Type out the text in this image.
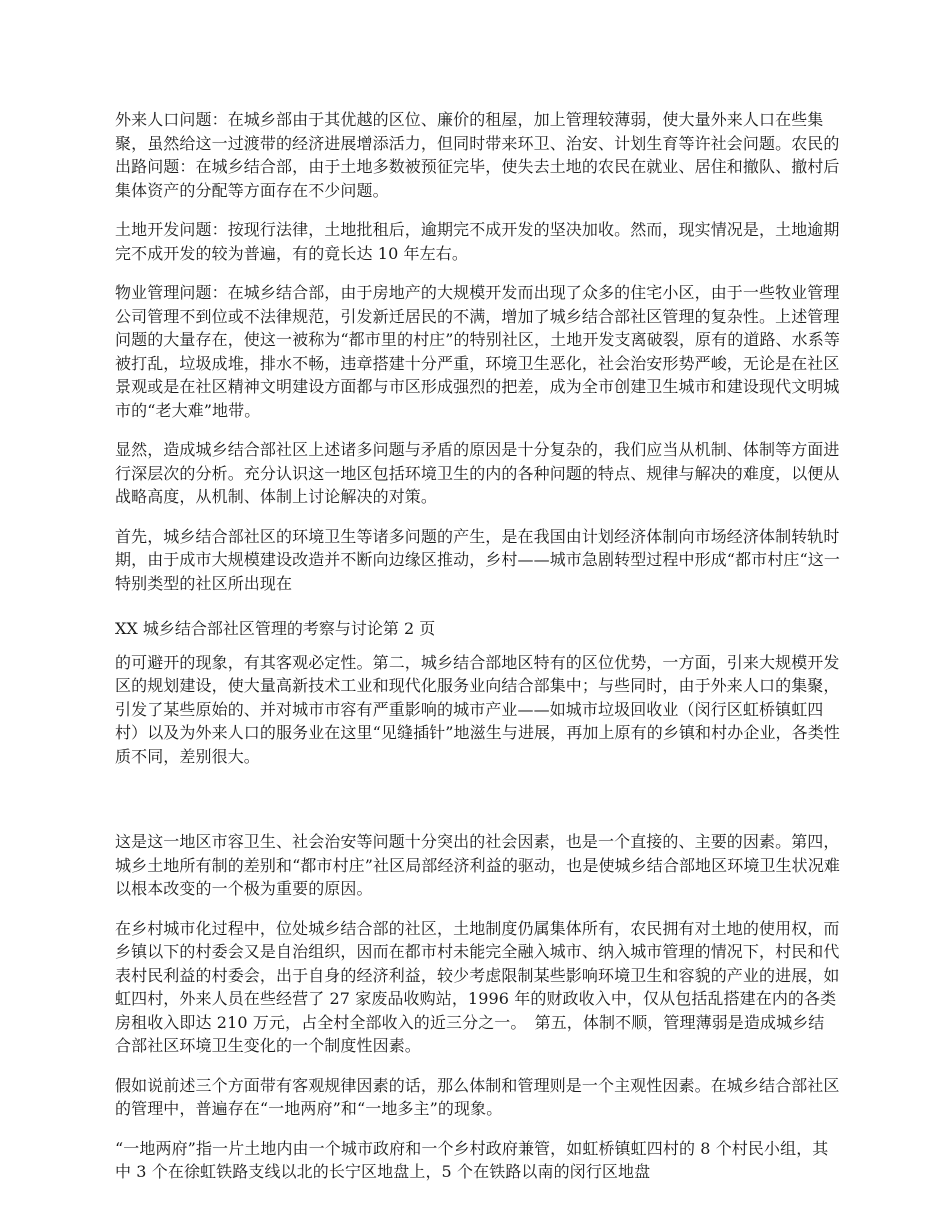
外来人口问题：在城乡部由于其优越的区位、廉价的租屋，加上管理较薄弱，使大量外来人口在些集聚，虽然给这一过渡带的经济进展增添活力，但同时带来环卫、治安、计划生育等许社会问题。农民的出路问题：在城乡结合部，由于土地多数被预征完毕，使失去土地的农民在就业、居住和撤队、撤村后集体资产的分配等方面存在不少问题。

土地开发问题：按现行法律，土地批租后，逾期完不成开发的坚决加收。然而，现实情况是，土地逾期完不成开发的较为普遍，有的竟长达 10 年左右。

物业管理问题：在城乡结合部，由于房地产的大规模开发而出现了众多的住宅小区，由于一些牧业管理公司管理不到位或不法律规范，引发新迁居民的不满，增加了城乡结合部社区管理的复杂性。上述管理问题的大量存在，使这一被称为“都市里的村庄”的特别社区，土地开发支离破裂，原有的道路、水系等被打乱，垃圾成堆，排水不畅，违章搭建十分严重，环境卫生恶化，社会治安形势严峻，无论是在社区景观或是在社区精神文明建设方面都与市区形成强烈的把差，成为全市创建卫生城市和建设现代文明城市的“老大难”地带。

显然，造成城乡结合部社区上述诸多问题与矛盾的原因是十分复杂的，我们应当从机制、体制等方面进行深层次的分析。充分认识这一地区包括环境卫生的内的各种问题的特点、规律与解决的难度，以便从战略高度，从机制、体制上讨论解决的对策。

首先，城乡结合部社区的环境卫生等诸多问题的产生，是在我国由计划经济体制向市场经济体制转轨时期，由于成市大规模建设改造并不断向边缘区推动，乡村——城市急剧转型过程中形成“都市村庄“这一特别类型的社区所出现在

XX 城乡结合部社区管理的考察与讨论第 2 页

的可避开的现象，有其客观必定性。第二，城乡结合部地区特有的区位优势，一方面，引来大规模开发区的规划建设，使大量高新技术工业和现代化服务业向结合部集中；与些同时，由于外来人口的集聚，引发了某些原始的、并对城市市容有严重影响的城市产业——如城市垃圾回收业（闵行区虹桥镇虹四村）以及为外来人口的服务业在这里“见缝插针”地滋生与进展，再加上原有的乡镇和村办企业，各类性质不同，差别很大。

这是这一地区市容卫生、社会治安等问题十分突出的社会因素，也是一个直接的、主要的因素。第四，城乡土地所有制的差别和“都市村庄”社区局部经济利益的驱动，也是使城乡结合部地区环境卫生状况难以根本改变的一个极为重要的原因。

在乡村城市化过程中，位处城乡结合部的社区，土地制度仍属集体所有，农民拥有对土地的使用权，而乡镇以下的村委会又是自治组织，因而在都市村未能完全融入城市、纳入城市管理的情况下，村民和代表村民利益的村委会，出于自身的经济利益，较少考虑限制某些影响环境卫生和容貌的产业的进展，如虹四村，外来人员在些经营了 27 家废品收购站，1996 年的财政收入中，仅从包括乱搭建在内的各类房租收入即达 210 万元，占全村全部收入的近三分之一。　第五，体制不顺，管理薄弱是造成城乡结合部社区环境卫生变化的一个制度性因素。

假如说前述三个方面带有客观规律因素的话，那么体制和管理则是一个主观性因素。在城乡结合部社区的管理中，普遍存在“一地两府”和“一地多主”的现象。

“一地两府”指一片土地内由一个城市政府和一个乡村政府兼管，如虹桥镇虹四村的 8 个村民小组，其中 3 个在徐虹铁路支线以北的长宁区地盘上，5 个在铁路以南的闵行区地盘
